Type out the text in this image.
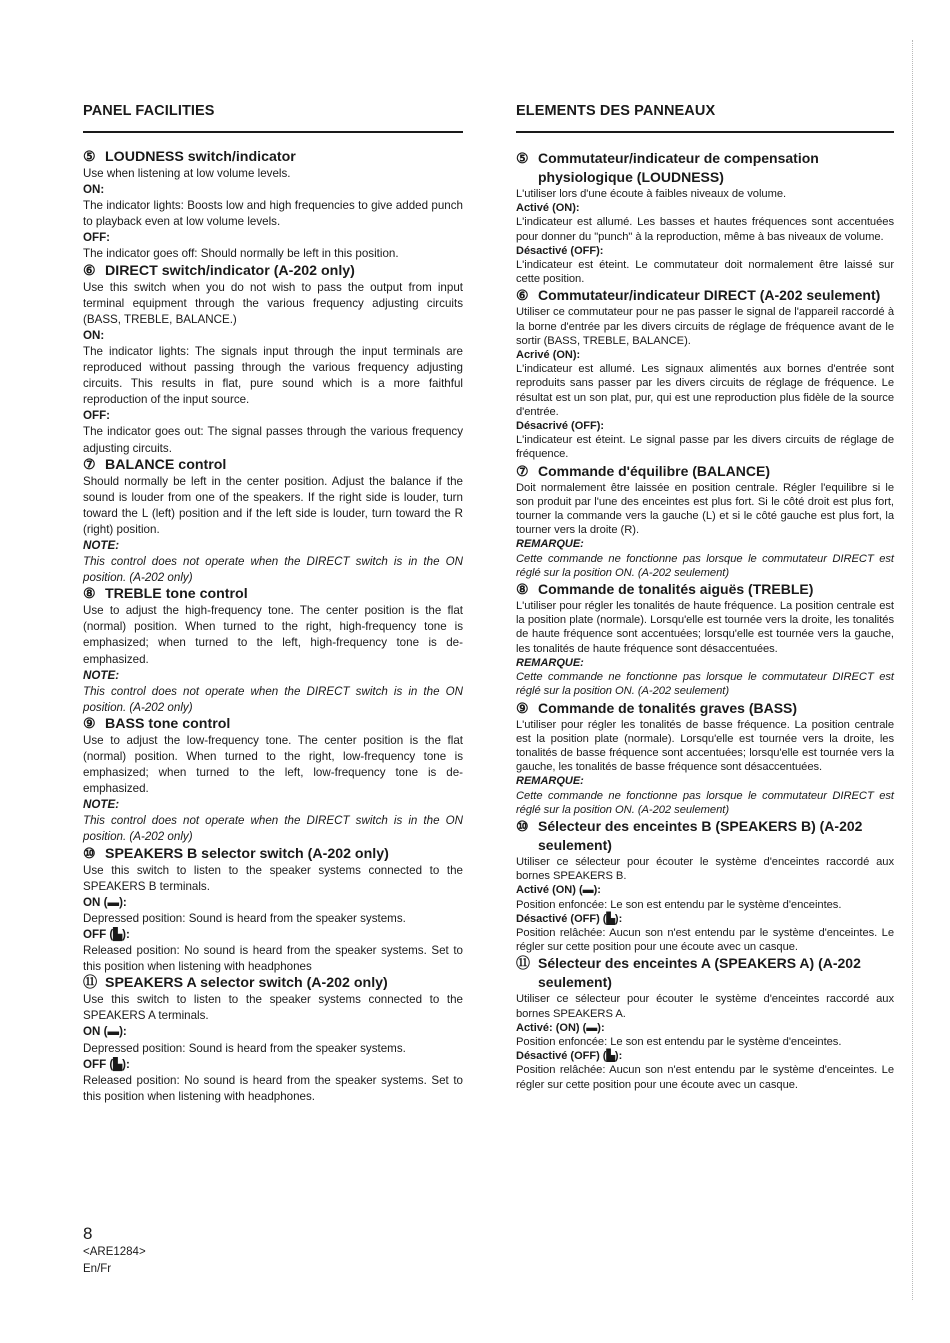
PANEL FACILITIES
⑤ LOUDNESS switch/indicator

Use when listening at low volume levels.

ON:

The indicator lights: Boosts low and high frequencies to give added punch to playback even at low volume levels.

OFF:

The indicator goes off: Should normally be left in this position.

⑥ DIRECT switch/indicator (A-202 only)

Use this switch when you do not wish to pass the output from input terminal equipment through the various frequency adjusting circuits (BASS, TREBLE, BALANCE.)

ON:

The indicator lights: The signals input through the input terminals are reproduced without passing through the various frequency adjusting circuits. This results in flat, pure sound which is a more faithful reproduction of the input source.

OFF:

The indicator goes out: The signal passes through the various frequency adjusting circuits.

⑦ BALANCE control

Should normally be left in the center position. Adjust the balance if the sound is louder from one of the speakers. If the right side is louder, turn toward the L (left) position and if the left side is louder, turn toward the R (right) position.

NOTE:

This control does not operate when the DIRECT switch is in the ON position. (A-202 only)

⑧ TREBLE tone control

Use to adjust the high-frequency tone. The center position is the flat (normal) position. When turned to the right, high-frequency tone is emphasized; when turned to the left, high-frequency tone is de-emphasized.

NOTE:

This control does not operate when the DIRECT switch is in the ON position. (A-202 only)

⑨ BASS tone control

Use to adjust the low-frequency tone. The center position is the flat (normal) position. When turned to the right, low-frequency tone is emphasized; when turned to the left, low-frequency tone is de-emphasized.

NOTE:

This control does not operate when the DIRECT switch is in the ON position. (A-202 only)

⑩ SPEAKERS B selector switch (A-202 only)

Use this switch to listen to the speaker systems connected to the SPEAKERS B terminals.

ON (▬):

Depressed position: Sound is heard from the speaker systems.

OFF (▙):

Released position: No sound is heard from the speaker systems. Set to this position when listening with headphones

⑪ SPEAKERS A selector switch (A-202 only)

Use this switch to listen to the speaker systems connected to the SPEAKERS A terminals.

ON (▬):

Depressed position: Sound is heard from the speaker systems.

OFF (▙):

Released position: No sound is heard from the speaker systems. Set to this position when listening with headphones.

ELEMENTS DES PANNEAUX
⑤ Commutateur/indicateur de compensation physiologique (LOUDNESS)

L'utiliser lors d'une écoute à faibles niveaux de volume.

Activé (ON):

L'indicateur est allumé. Les basses et hautes fréquences sont accentuées pour donner du "punch" à la reproduction, même à bas niveaux de volume.

Désactivé (OFF):

L'indicateur est éteint. Le commutateur doit normalement être laissé sur cette position.

⑥ Commutateur/indicateur DIRECT (A-202 seulement)

Utiliser ce commutateur pour ne pas passer le signal de l'appareil raccordé à la borne d'entrée par les divers circuits de réglage de fréquence avant de le sortir (BASS, TREBLE, BALANCE).

Acrivé (ON):

L'indicateur est allumé. Les signaux alimentés aux bornes d'entrée sont reproduits sans passer par les divers circuits de réglage de fréquence. Le résultat est un son plat, pur, qui est une reproduction plus fidèle de la source d'entrée.

Désacrivé (OFF):

L'indicateur est éteint. Le signal passe par les divers circuits de réglage de fréquence.

⑦ Commande d'équilibre (BALANCE)

Doit normalement être laissée en position centrale. Régler l'equilibre si le son produit par l'une des enceintes est plus fort. Si le côté droit est plus fort, tourner la commande vers la gauche (L) et si le côté gauche est plus fort, la tourner vers la droite (R).

REMARQUE:

Cette commande ne fonctionne pas lorsque le commutateur DIRECT est réglé sur la position ON. (A-202 seulement)

⑧ Commande de tonalités aiguës (TREBLE)

L'utiliser pour régler les tonalités de haute fréquence. La position centrale est la position plate (normale). Lorsqu'elle est tournée vers la droite, les tonalités de haute fréquence sont accentuées; lorsqu'elle est tournée vers la gauche, les tonalités de haute fréquence sont désaccentuées.

REMARQUE:

Cette commande ne fonctionne pas lorsque le commutateur DIRECT est réglé sur la position ON. (A-202 seulement)

⑨ Commande de tonalités graves (BASS)

L'utiliser pour régler les tonalités de basse fréquence. La position centrale est la position plate (normale). Lorsqu'elle est tournée vers la droite, les tonalités de basse fréquence sont accentuées; lorsqu'elle est tournée vers la gauche, les tonalités de basse fréquence sont désaccentuées.

REMARQUE:

Cette commande ne fonctionne pas lorsque le commutateur DIRECT est réglé sur la position ON. (A-202 seulement)

⑩ Sélecteur des enceintes B (SPEAKERS B) (A-202 seulement)

Utiliser ce sélecteur pour écouter le système d'enceintes raccordé aux bornes SPEAKERS B.

Activé (ON) (▬):

Position enfoncée: Le son est entendu par le système d'enceintes.

Désactivé (OFF) (▙):

Position relâchée: Aucun son n'est entendu par le système d'enceintes. Le régler sur cette position pour une écoute avec un casque.

⑪ Sélecteur des enceintes A (SPEAKERS A) (A-202 seulement)

Utiliser ce sélecteur pour écouter le système d'enceintes raccordé aux bornes SPEAKERS A.

Activé: (ON) (▬):

Position enfoncée: Le son est entendu par le système d'enceintes.

Désactivé (OFF) (▙):

Position relâchée: Aucun son n'est entendu par le système d'enceintes. Le régler sur cette position pour une écoute avec un casque.

8
<ARE1284>
En/Fr
